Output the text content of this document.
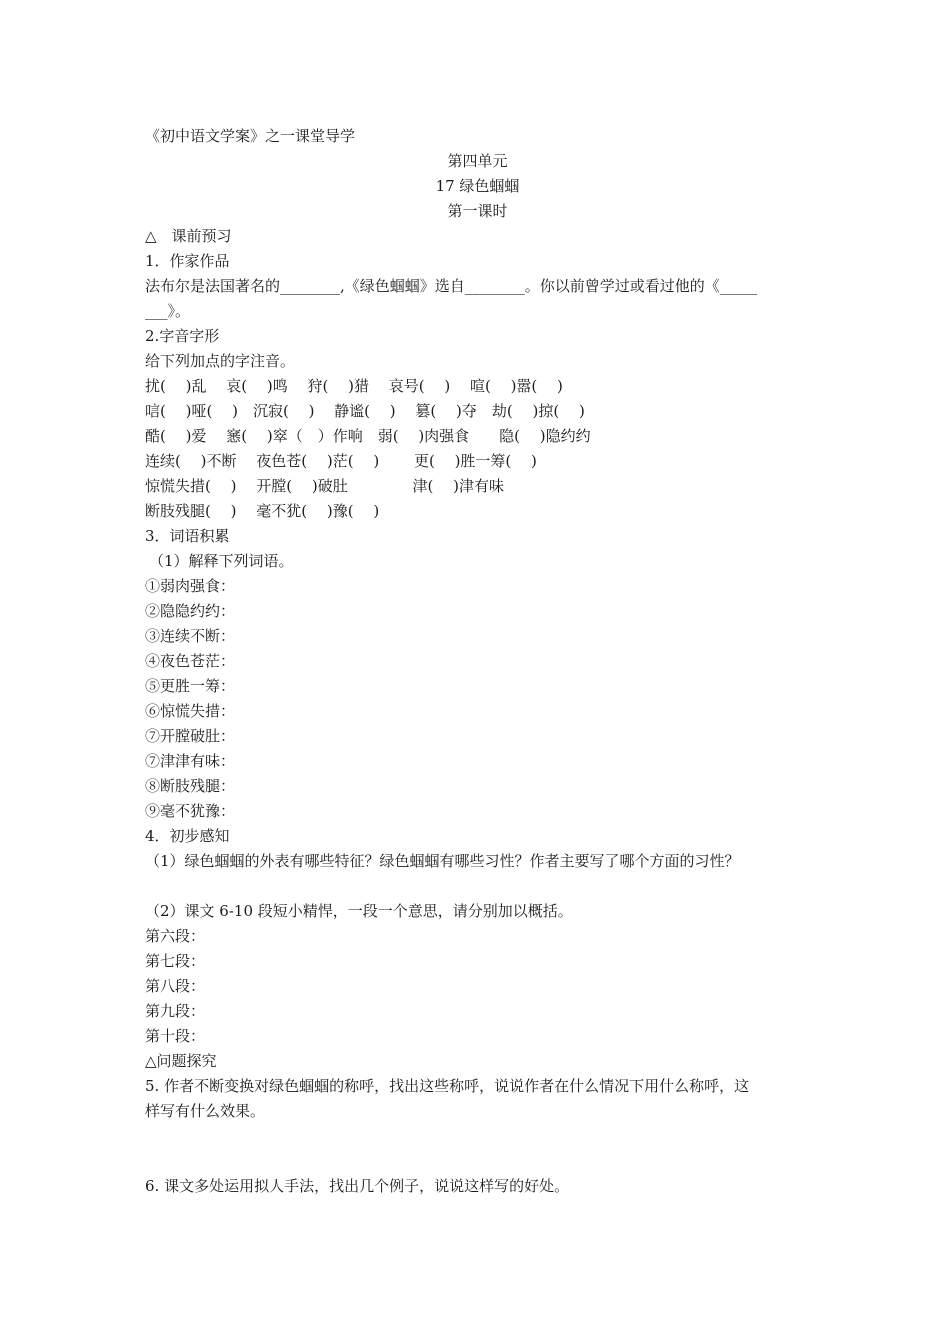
《初中语文学案》之一课堂导学
第四单元
17 绿色蝈蝈
第一课时
△　课前预习
1．作家作品
法布尔是法国著名的________,《绿色蝈蝈》选自________。你以前曾学过或看过他的《_____
___》。
2.字音字形
给下列加点的字注音。
扰(　 )乱　 哀(　 )鸣　 狩(　 )猎　 哀号(　 )　 喧(　 )嚣(　 )
唁(　 )哑(　 )　沉寂(　 )　 静谧(　 )　 篡(　 )夺　劫(　 )掠(　 )
酷(　 )爱　 窸(　 )窣（　）作响　弱(　 )肉强食　　隐(　 )隐约约
连续(　 )不断　 夜色苍(　 )茫(　 )　　 更(　 )胜一筹(　 )
惊慌失措(　 )　 开膛(　 )破肚　　　　 津(　 )津有味
断肢残腿(　 )　 毫不犹(　 )豫(　 )
3．词语积累
（1）解释下列词语。
①弱肉强食：
②隐隐约约：
③连续不断：
④夜色苍茫：
⑤更胜一筹：
⑥惊慌失措：
⑦开膛破肚：
⑦津津有味：
⑧断肢残腿：
⑨毫不犹豫：
4．初步感知
（1）绿色蝈蝈的外表有哪些特征？绿色蝈蝈有哪些习性？作者主要写了哪个方面的习性？
（2）课文 6-10 段短小精悍，一段一个意思，请分别加以概括。
第六段：
第七段：
第八段：
第九段：
第十段：
△问题探究
5. 作者不断变换对绿色蝈蝈的称呼，找出这些称呼，说说作者在什么情况下用什么称呼，这
样写有什么效果。
6. 课文多处运用拟人手法，找出几个例子，说说这样写的好处。
